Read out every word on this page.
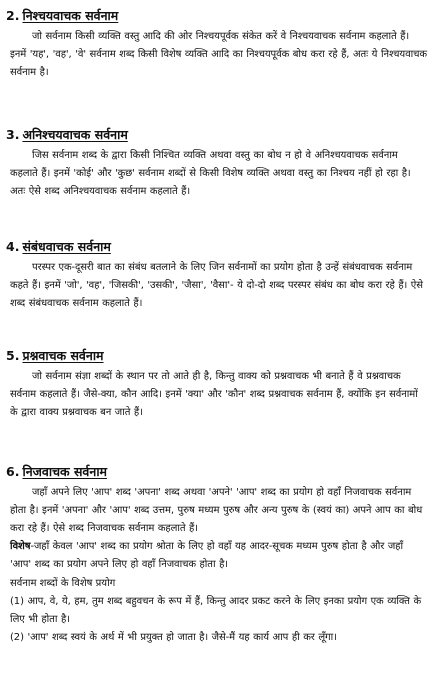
2. निश्चयवाचक सर्वनाम

जो सर्वनाम किसी व्यक्ति वस्तु आदि की ओर निश्चयपूर्वक संकेत करें वे निश्चयवाचक सर्वनाम कहलाते हैं। इनमें 'यह', 'वह', 'वे' सर्वनाम शब्द किसी विशेष व्यक्ति आदि का निश्चयपूर्वक बोध करा रहे हैं, अतः ये निश्चयवाचक सर्वनाम है।

3. अनिश्चयवाचक सर्वनाम

जिस सर्वनाम शब्द के द्वारा किसी निश्चित व्यक्ति अथवा वस्तु का बोध न हो वे अनिश्चयवाचक सर्वनाम कहलाते हैं। इनमें 'कोई' और 'कुछ' सर्वनाम शब्दों से किसी विशेष व्यक्ति अथवा वस्तु का निश्चय नहीं हो रहा है। अतः ऐसे शब्द अनिश्चयवाचक सर्वनाम कहलाते हैं।

4. संबंधवाचक सर्वनाम

परस्पर एक-दूसरी बात का संबंध बतलाने के लिए जिन सर्वनामों का प्रयोग होता है उन्हें संबंधवाचक सर्वनाम कहते हैं। इनमें 'जो', 'वह', 'जिसकी', 'उसकी', 'जैसा', 'वैसा'- ये दो-दो शब्द परस्पर संबंध का बोध करा रहे हैं। ऐसे शब्द संबंधवाचक सर्वनाम कहलाते हैं।

5. प्रश्नवाचक सर्वनाम

जो सर्वनाम संज्ञा शब्दों के स्थान पर तो आते ही है, किन्तु वाक्य को प्रश्नवाचक भी बनाते हैं वे प्रश्नवाचक सर्वनाम कहलाते हैं। जैसे-क्या, कौन आदि। इनमें 'क्या' और 'कौन' शब्द प्रश्नवाचक सर्वनाम हैं, क्योंकि इन सर्वनामों के द्वारा वाक्य प्रश्नवाचक बन जाते हैं।

6. निजवाचक सर्वनाम

जहाँ अपने लिए 'आप' शब्द 'अपना' शब्द अथवा 'अपने' 'आप' शब्द का प्रयोग हो वहाँ निजवाचक सर्वनाम होता है। इनमें 'अपना' और 'आप' शब्द उत्तम, पुरुष मध्यम पुरुष और अन्य पुरुष के (स्वयं का) अपने आप का बोध करा रहे हैं। ऐसे शब्द निजवाचक सर्वनाम कहलाते हैं।

विशेष-जहाँ केवल 'आप' शब्द का प्रयोग श्रोता के लिए हो वहाँ यह आदर-सूचक मध्यम पुरुष होता है और जहाँ 'आप' शब्द का प्रयोग अपने लिए हो वहाँ निजवाचक होता है।

सर्वनाम शब्दों के विशेष प्रयोग

(1) आप, वे, ये, हम, तुम शब्द बहुवचन के रूप में हैं, किन्तु आदर प्रकट करने के लिए इनका प्रयोग एक व्यक्ति के लिए भी होता है।

(2) 'आप' शब्द स्वयं के अर्थ में भी प्रयुक्त हो जाता है। जैसे-मैं यह कार्य आप ही कर लूँगा।
